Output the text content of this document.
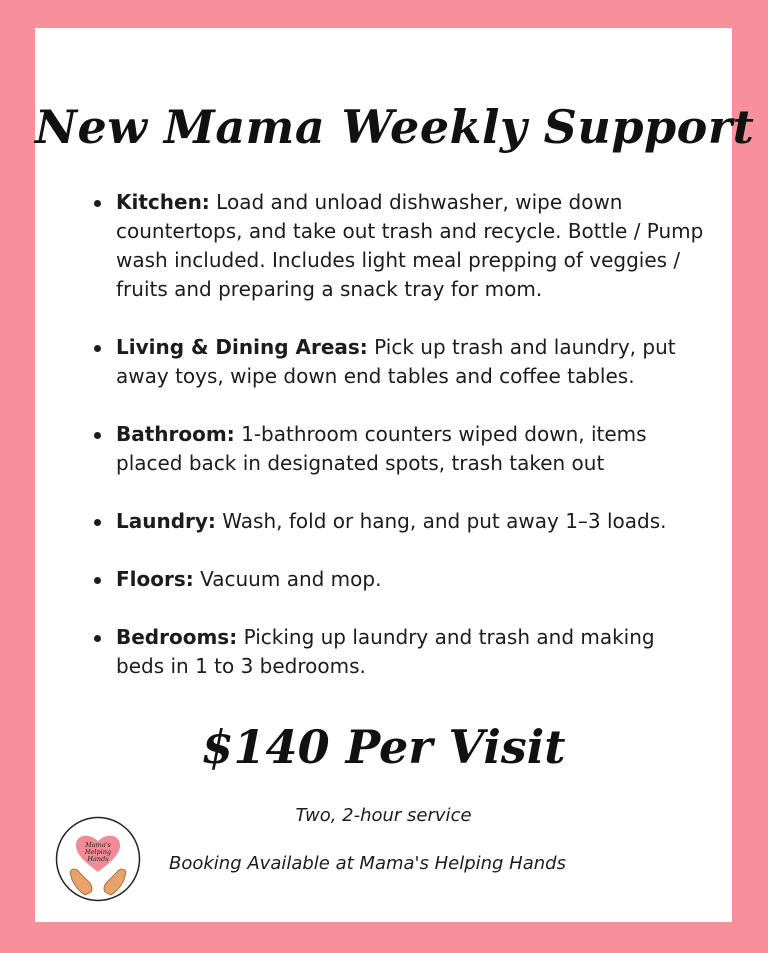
New Mama Weekly Support
Kitchen: Load and unload dishwasher, wipe down countertops, and take out trash and recycle. Bottle / Pump wash included. Includes light meal prepping of veggies / fruits and preparing a snack tray for mom.
Living & Dining Areas: Pick up trash and laundry, put away toys, wipe down end tables and coffee tables.
Bathroom: 1-bathroom counters wiped down, items placed back in designated spots, trash taken out
Laundry: Wash, fold or hang, and put away 1–3 loads.
Floors: Vacuum and mop.
Bedrooms: Picking up laundry and trash and making beds in 1 to 3 bedrooms.
$140 Per Visit
Two, 2-hour service
Mama's
Helping
Hands	Booking Available at Mama's Helping Hands
